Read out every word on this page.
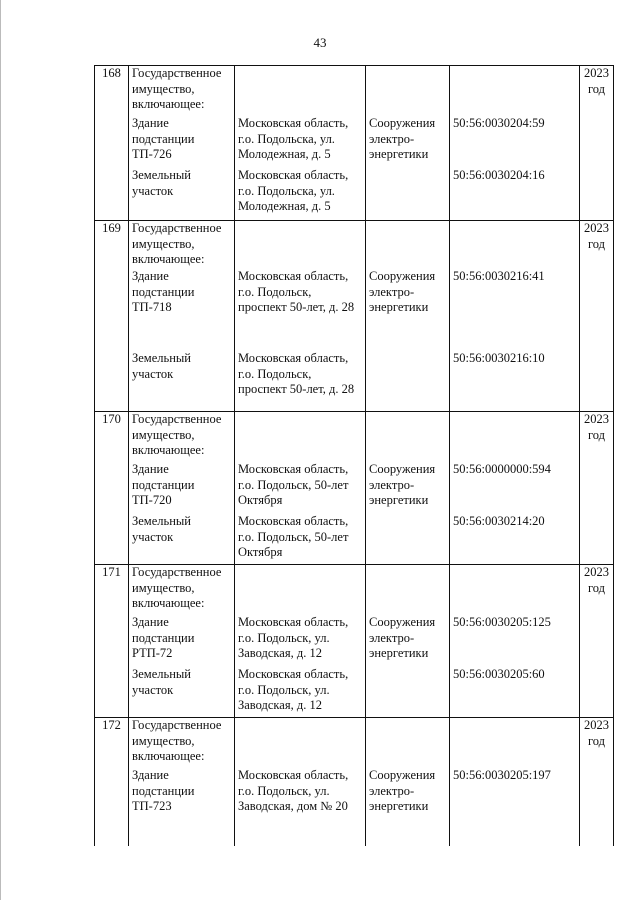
43
168	Государственное имущество, включающее:				2023 год
	Здание подстанции ТП-726	Московская область, г.о. Подольска, ул. Молодежная, д. 5	Сооружения электро-энергетики	50:56:0030204:59	
	Земельный участок	Московская область, г.о. Подольска, ул. Молодежная, д. 5		50:56:0030204:16	
169	Государственное имущество, включающее:				2023 год
	Здание подстанции ТП-718	Московская область, г.о. Подольск, проспект 50-лет, д. 28	Сооружения электро-энергетики	50:56:0030216:41	
	Земельный участок	Московская область, г.о. Подольск, проспект 50-лет, д. 28		50:56:0030216:10	
170	Государственное имущество, включающее:				2023 год
	Здание подстанции ТП-720	Московская область, г.о. Подольск, 50-лет Октября	Сооружения электро-энергетики	50:56:0000000:594	
	Земельный участок	Московская область, г.о. Подольск, 50-лет Октября		50:56:0030214:20	
171	Государственное имущество, включающее:				2023 год
	Здание подстанции РТП-72	Московская область, г.о. Подольск, ул. Заводская, д. 12	Сооружения электро-энергетики	50:56:0030205:125	
	Земельный участок	Московская область, г.о. Подольск, ул. Заводская, д. 12		50:56:0030205:60	
172	Государственное имущество, включающее:				2023 год
	Здание подстанции ТП-723	Московская область, г.о. Подольск, ул. Заводская, дом № 20	Сооружения электро-энергетики	50:56:0030205:197	
